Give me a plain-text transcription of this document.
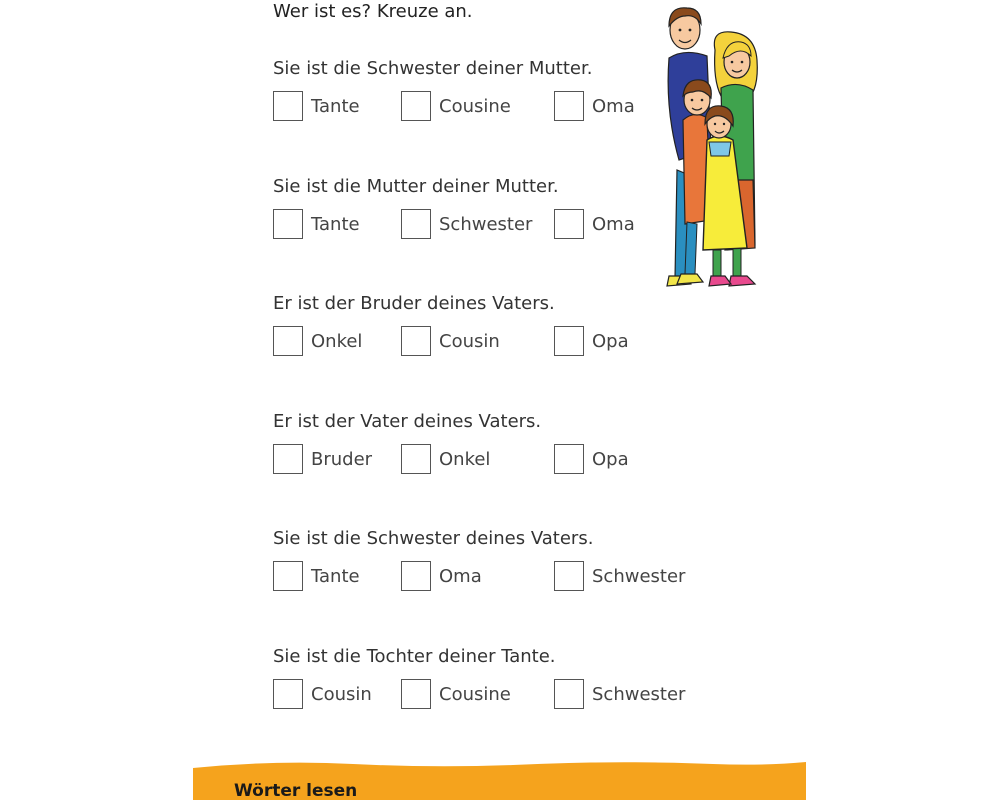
Wer ist es? Kreuze an.
Sie ist die Schwester deiner Mutter.
Tante	Cousine	Oma
Sie ist die Mutter deiner Mutter.
Tante	Schwester	Oma
Er ist der Bruder deines Vaters.
Onkel	Cousin	Opa
Er ist der Vater deines Vaters.
Bruder	Onkel	Opa
Sie ist die Schwester deines Vaters.
Tante	Oma	Schwester
Sie ist die Tochter deiner Tante.
Cousin	Cousine	Schwester
Wörter lesen
